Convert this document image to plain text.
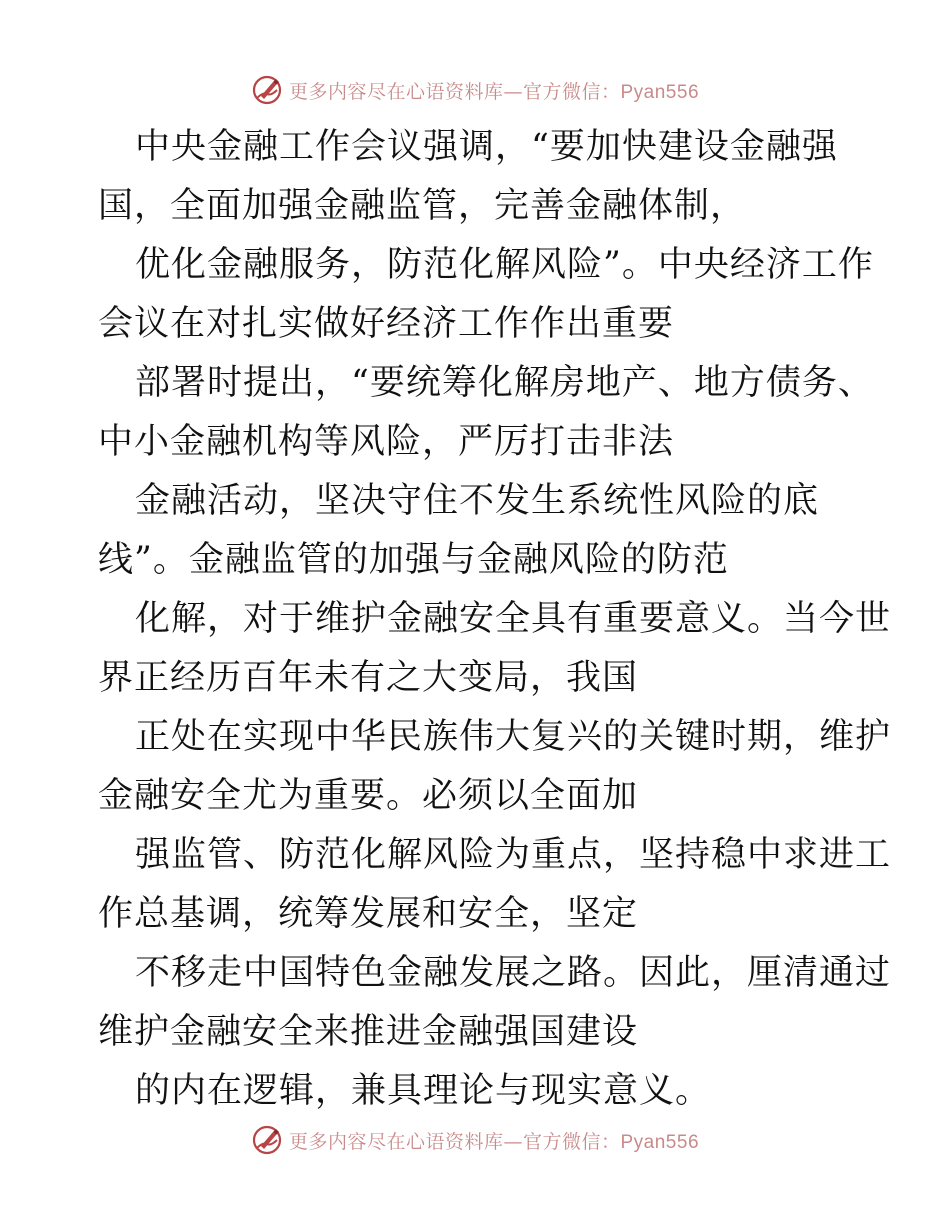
更多内容尽在心语资料库—官方微信：Pyan556
中央金融工作会议强调，“要加快建设金融强
国，全面加强金融监管，完善金融体制，
优化金融服务，防范化解风险”。中央经济工作
会议在对扎实做好经济工作作出重要
部署时提出，“要统筹化解房地产、地方债务、
中小金融机构等风险，严厉打击非法
金融活动，坚决守住不发生系统性风险的底
线”。金融监管的加强与金融风险的防范
化解，对于维护金融安全具有重要意义。当今世
界正经历百年未有之大变局，我国
正处在实现中华民族伟大复兴的关键时期，维护
金融安全尤为重要。必须以全面加
强监管、防范化解风险为重点，坚持稳中求进工
作总基调，统筹发展和安全，坚定
不移走中国特色金融发展之路。因此，厘清通过
维护金融安全来推进金融强国建设
的内在逻辑，兼具理论与现实意义。
更多内容尽在心语资料库—官方微信：Pyan556
